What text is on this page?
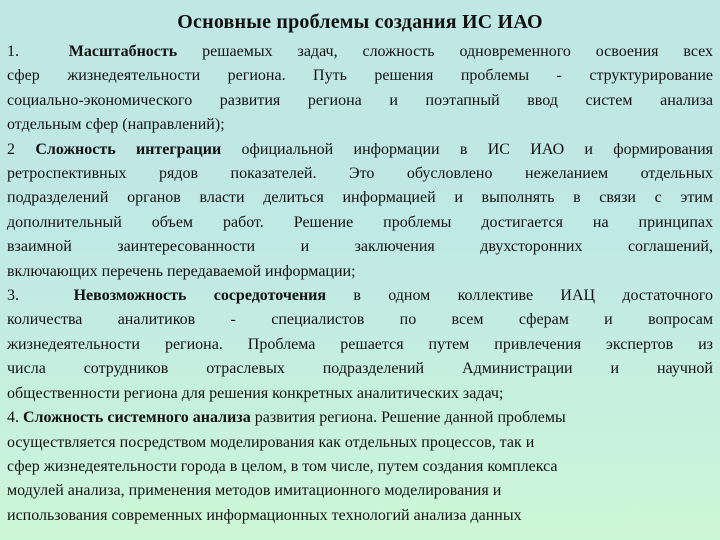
Основные проблемы создания ИС ИАО
1.	Масштабность решаемых задач, сложность одновременного освоения всех
сфер жизнедеятельности региона. Путь решения проблемы - структурирование
социально-экономического развития региона и поэтапный ввод систем анализа
отдельным сфер (направлений);
2 Сложность интеграции официальной информации в ИС ИАО и формирования
ретроспективных рядов показателей. Это обусловлено нежеланием отдельных
подразделений органов власти делиться информацией и выполнять в связи с этим
дополнительный объем работ. Решение проблемы достигается на принципах
взаимной заинтересованности и заключения двухсторонних соглашений,
включающих перечень передаваемой информации;
3.	Невозможность сосредоточения в одном коллективе ИАЦ достаточного
количества аналитиков - специалистов по всем сферам и вопросам
жизнедеятельности региона. Проблема решается путем привлечения экспертов из
числа сотрудников отраслевых подразделений Администрации и научной
общественности региона для решения конкретных аналитических задач;
4. Сложность системного анализа развития региона. Решение данной проблемы
осуществляется посредством моделирования как отдельных процессов, так и
сфер жизнедеятельности города в целом, в том числе, путем создания комплекса
модулей анализа, применения методов имитационного моделирования и
использования современных информационных технологий анализа данных
